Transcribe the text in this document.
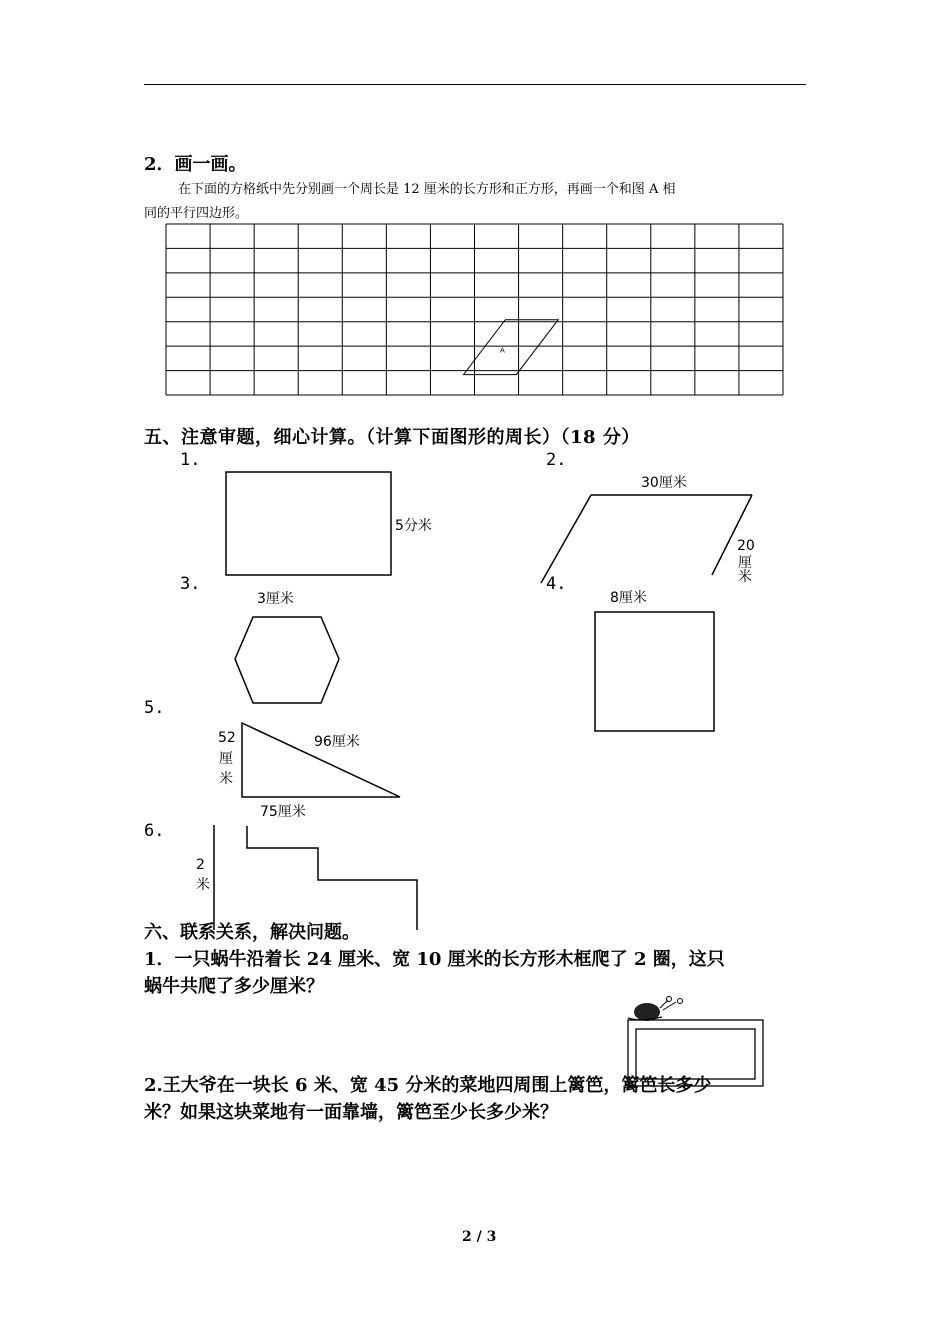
2．画一画。
在下面的方格纸中先分别画一个周长是 12 厘米的长方形和正方形，再画一个和图 A 相
同的平行四边形。
A
五、注意审题，细心计算。（计算下面图形的周长）（18 分）
1.
5分米
2.
30厘米
20
厘
米
3.
3厘米
4.
8厘米
5.
52
厘
米
96厘米
75厘米
6.
2
米
六、联系关系，解决问题。
1．一只蜗牛沿着长 24 厘米、宽 10 厘米的长方形木框爬了 2 圈，这只
蜗牛共爬了多少厘米？
2.王大爷在一块长 6 米、宽 45 分米的菜地四周围上篱笆，篱笆长多少
米？如果这块菜地有一面靠墙，篱笆至少长多少米？
2 / 3
